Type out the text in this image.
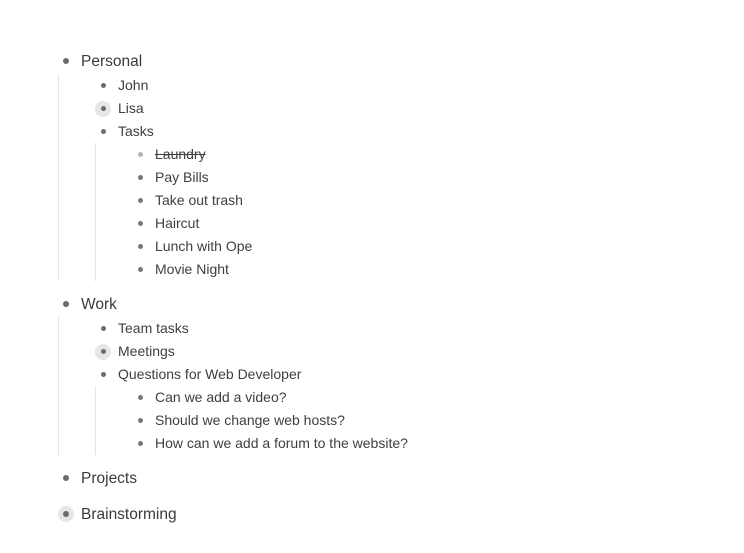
Personal
John
Lisa
Tasks
Laundry
Pay Bills
Take out trash
Haircut
Lunch with Ope
Movie Night
Work
Team tasks
Meetings
Questions for Web Developer
Can we add a video?
Should we change web hosts?
How can we add a forum to the website?
Projects
Brainstorming
